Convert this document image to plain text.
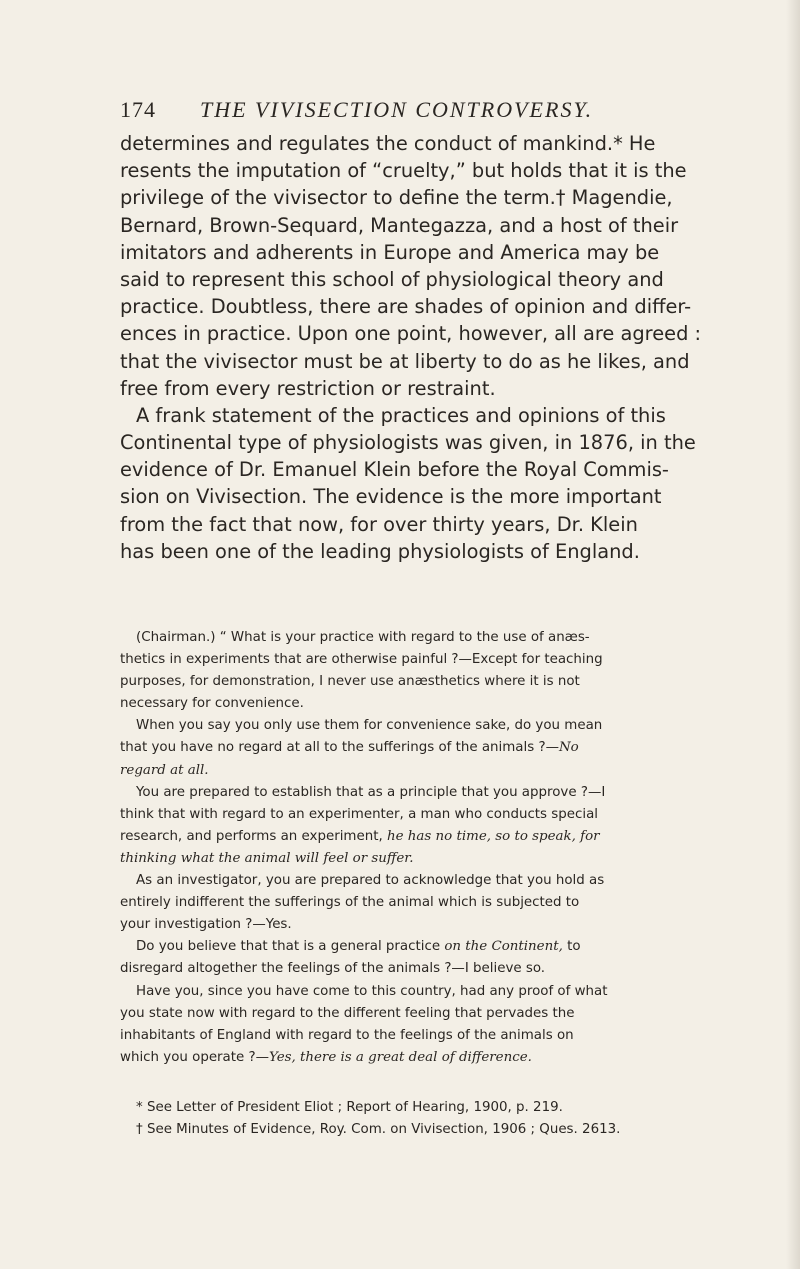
174 THE VIVISECTION CONTROVERSY.
determines and regulates the conduct of mankind.* He
resents the imputation of “cruelty,” but holds that it is the
privilege of the vivisector to define the term.† Magendie,
Bernard, Brown-Sequard, Mantegazza, and a host of their
imitators and adherents in Europe and America may be
said to represent this school of physiological theory and
practice. Doubtless, there are shades of opinion and differ-
ences in practice. Upon one point, however, all are agreed :
that the vivisector must be at liberty to do as he likes, and
free from every restriction or restraint.
A frank statement of the practices and opinions of this
Continental type of physiologists was given, in 1876, in the
evidence of Dr. Emanuel Klein before the Royal Commis-
sion on Vivisection. The evidence is the more important
from the fact that now, for over thirty years, Dr. Klein
has been one of the leading physiologists of England.
(Chairman.) “ What is your practice with regard to the use of anæs-
thetics in experiments that are otherwise painful ?—Except for teaching
purposes, for demonstration, I never use anæsthetics where it is not
necessary for convenience.
When you say you only use them for convenience sake, do you mean
that you have no regard at all to the sufferings of the animals ?—No
regard at all.
You are prepared to establish that as a principle that you approve ?—I
think that with regard to an experimenter, a man who conducts special
research, and performs an experiment, he has no time, so to speak, for
thinking what the animal will feel or suffer.
As an investigator, you are prepared to acknowledge that you hold as
entirely indifferent the sufferings of the animal which is subjected to
your investigation ?—Yes.
Do you believe that that is a general practice on the Continent, to
disregard altogether the feelings of the animals ?—I believe so.
Have you, since you have come to this country, had any proof of what
you state now with regard to the different feeling that pervades the
inhabitants of England with regard to the feelings of the animals on
which you operate ?—Yes, there is a great deal of difference.
* See Letter of President Eliot ; Report of Hearing, 1900, p. 219.
† See Minutes of Evidence, Roy. Com. on Vivisection, 1906 ; Ques. 2613.
